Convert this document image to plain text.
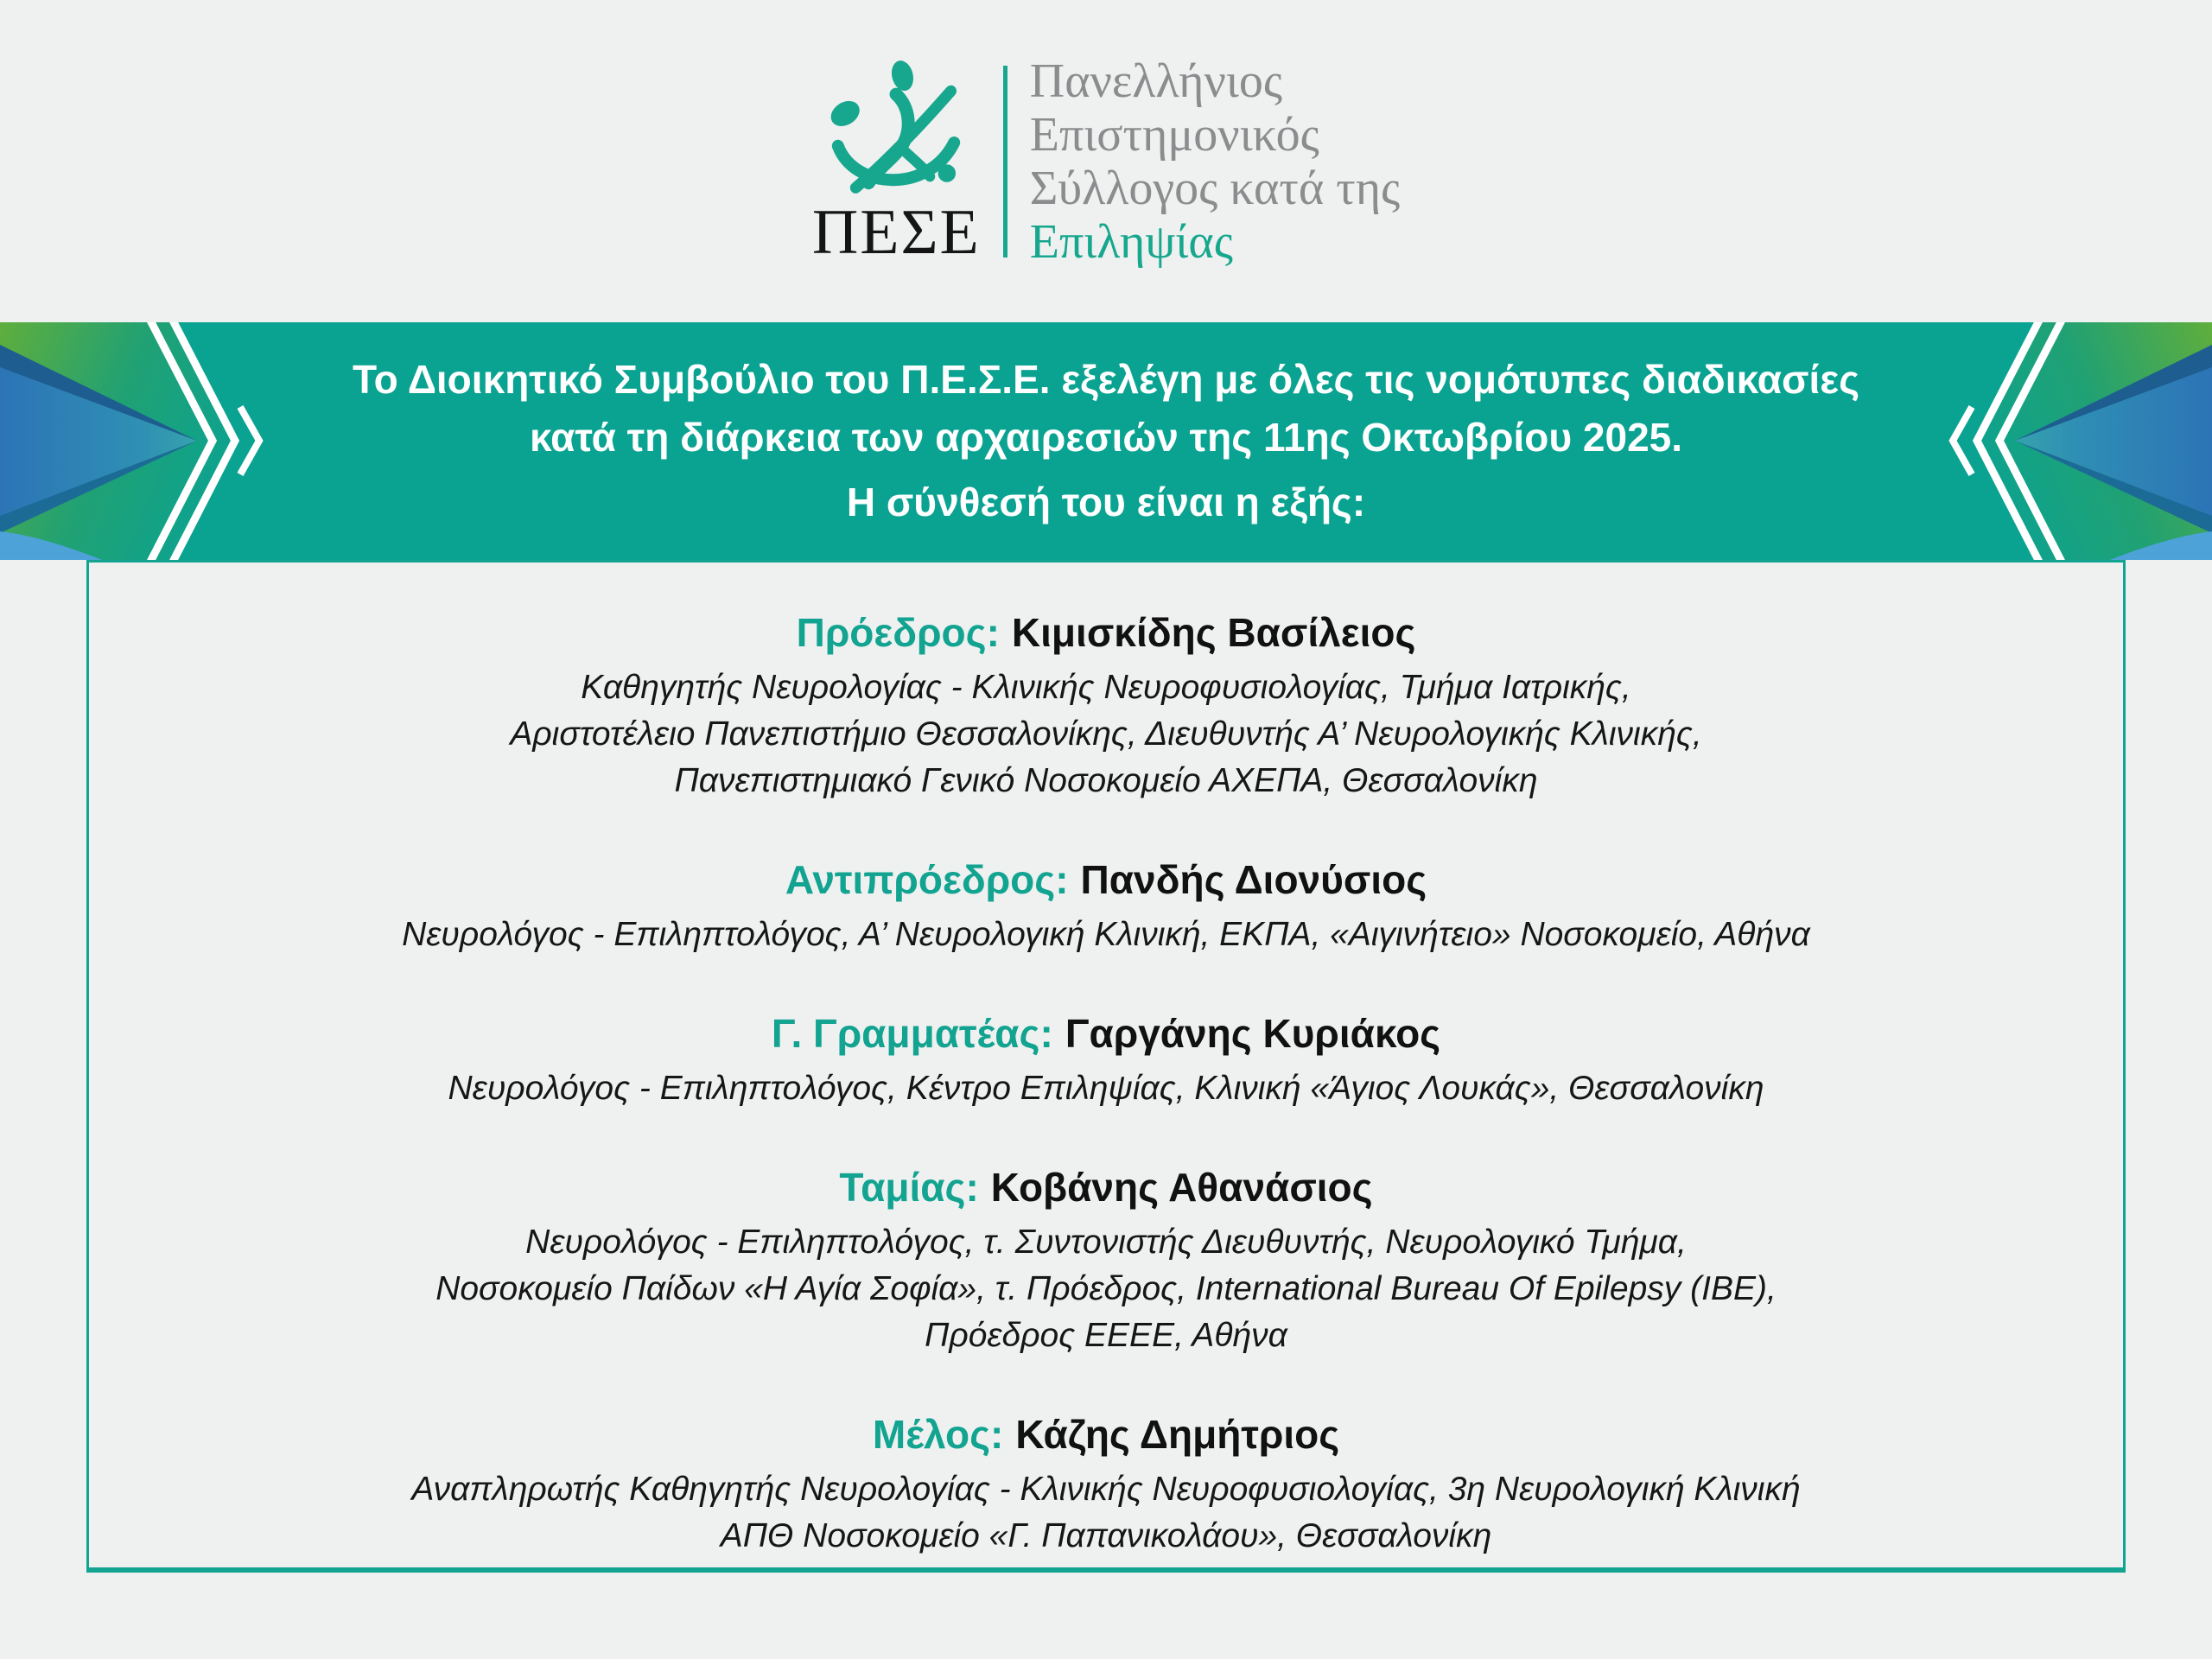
ΠΕΣΕ
Πανελλήνιος
Επιστημονικός
Σύλλογος κατά της
Επιληψίας
Το Διοικητικό Συμβούλιο του Π.Ε.Σ.Ε. εξελέγη με όλες τις νομότυπες διαδικασίες
κατά τη διάρκεια των αρχαιρεσιών της 11ης Οκτωβρίου 2025.
Η σύνθεσή του είναι η εξής:
Πρόεδρος: Κιμισκίδης Βασίλειος
Καθηγητής Νευρολογίας - Κλινικής Νευροφυσιολογίας, Τμήμα Ιατρικής,
Αριστοτέλειο Πανεπιστήμιο Θεσσαλονίκης, Διευθυντής Α’ Νευρολογικής Κλινικής,
Πανεπιστημιακό Γενικό Νοσοκομείο ΑΧΕΠΑ, Θεσσαλονίκη
Αντιπρόεδρος: Πανδής Διονύσιος
Νευρολόγος - Επιληπτολόγος, Α’ Νευρολογική Κλινική, ΕΚΠΑ, «Αιγινήτειο» Νοσοκομείο, Αθήνα
Γ. Γραμματέας: Γαργάνης Κυριάκος
Νευρολόγος - Επιληπτολόγος, Κέντρο Επιληψίας, Κλινική «Άγιος Λουκάς», Θεσσαλονίκη
Ταμίας: Κοβάνης Αθανάσιος
Νευρολόγος - Επιληπτολόγος, τ. Συντονιστής Διευθυντής, Νευρολογικό Τμήμα,
Νοσοκομείο Παίδων «Η Αγία Σοφία», τ. Πρόεδρος, International Bureau Of Epilepsy (IBE),
Πρόεδρος ΕΕΕΕ, Αθήνα
Μέλος: Κάζης Δημήτριος
Αναπληρωτής Καθηγητής Νευρολογίας - Κλινικής Νευροφυσιολογίας, 3η Νευρολογική Κλινική
ΑΠΘ Νοσοκομείο «Γ. Παπανικολάου», Θεσσαλονίκη
